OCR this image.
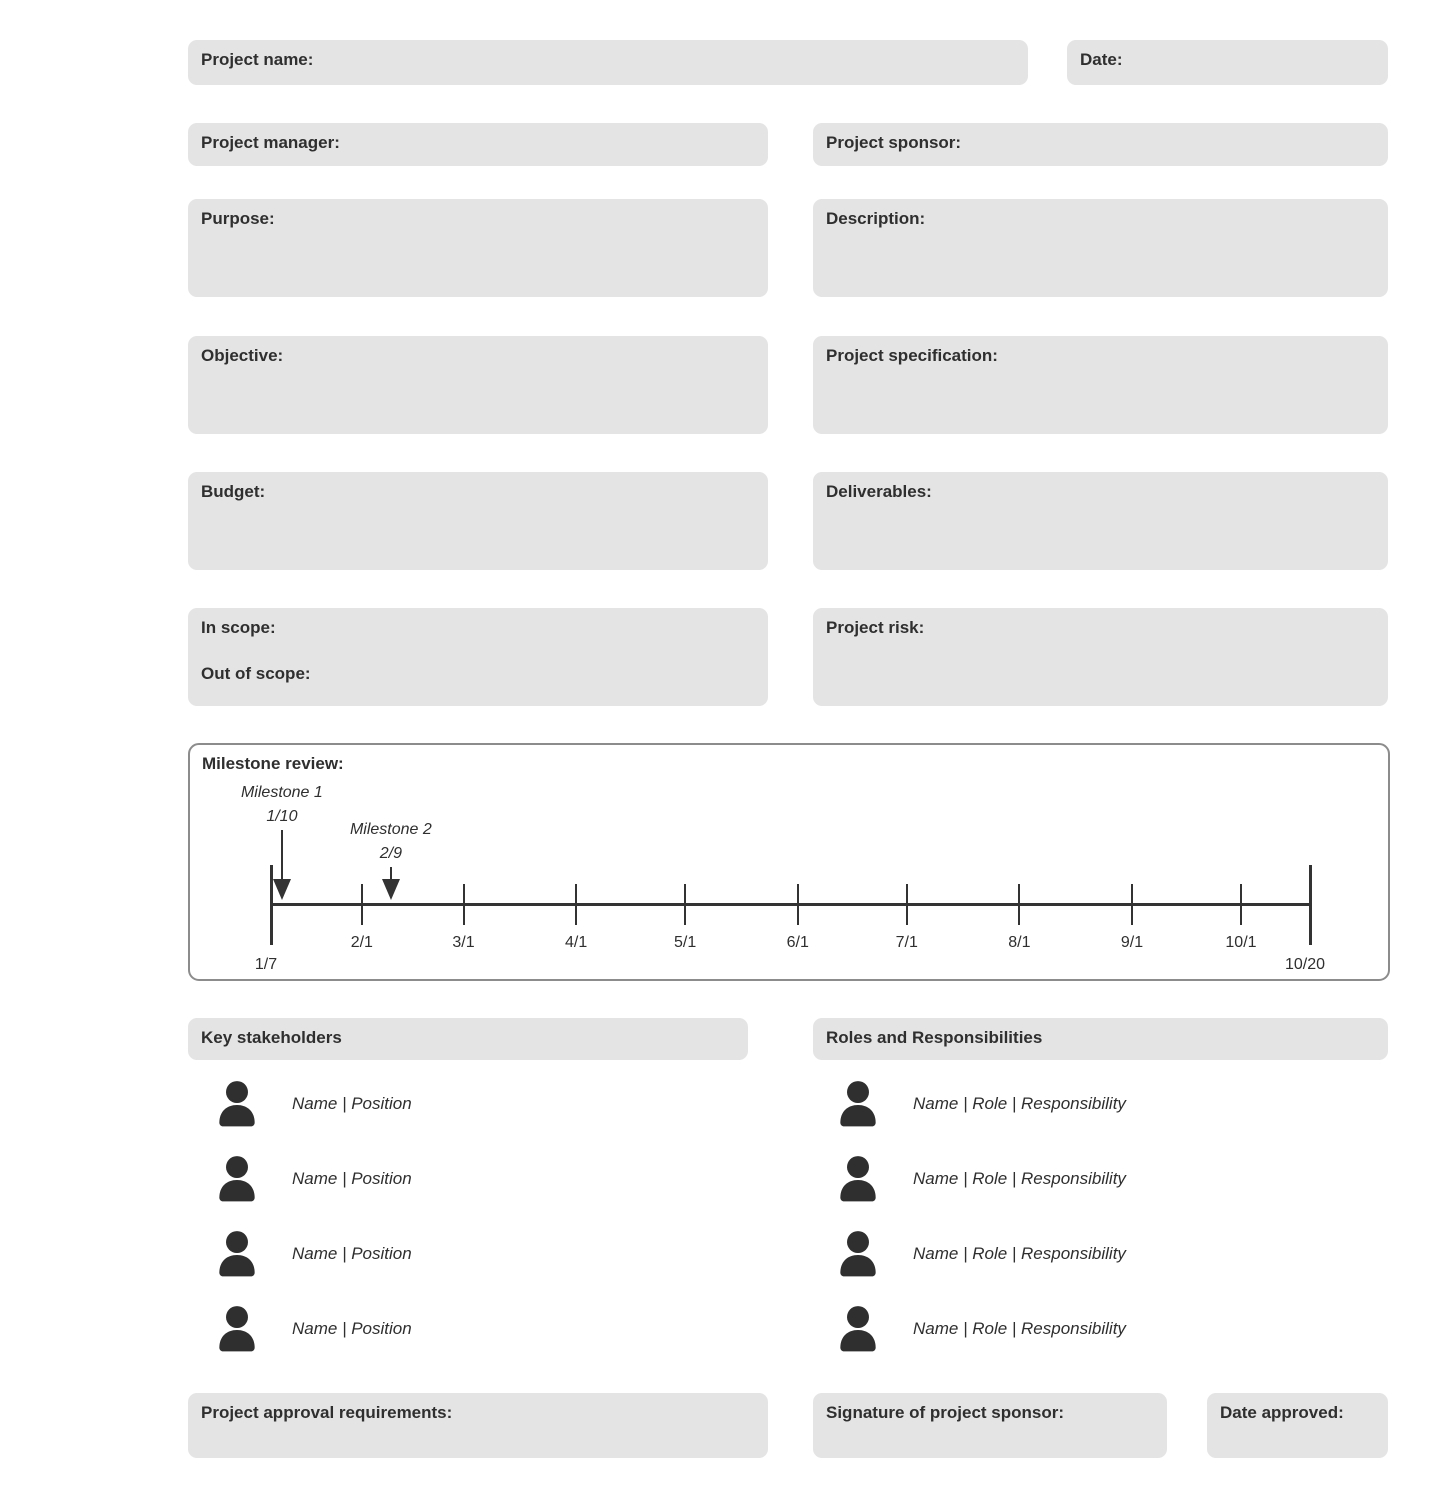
Project name:	Date:
Project manager:	Project sponsor:
Purpose:	Description:
Objective:	Project specification:
Budget:	Deliverables:
In scope:
Out of scope:
Project risk:
Milestone review:
1/7	10/20
2/1	3/1	4/1	5/1	6/1	7/1	8/1	9/1	10/1
Milestone 1
1/10
Milestone 2
2/9
Key stakeholders	Roles and Responsibilities
Name | Position
Name | Position
Name | Position
Name | Position
Name | Role | Responsibility
Name | Role | Responsibility
Name | Role | Responsibility
Name | Role | Responsibility
Project approval requirements:	Signature of project sponsor:	Date approved:
